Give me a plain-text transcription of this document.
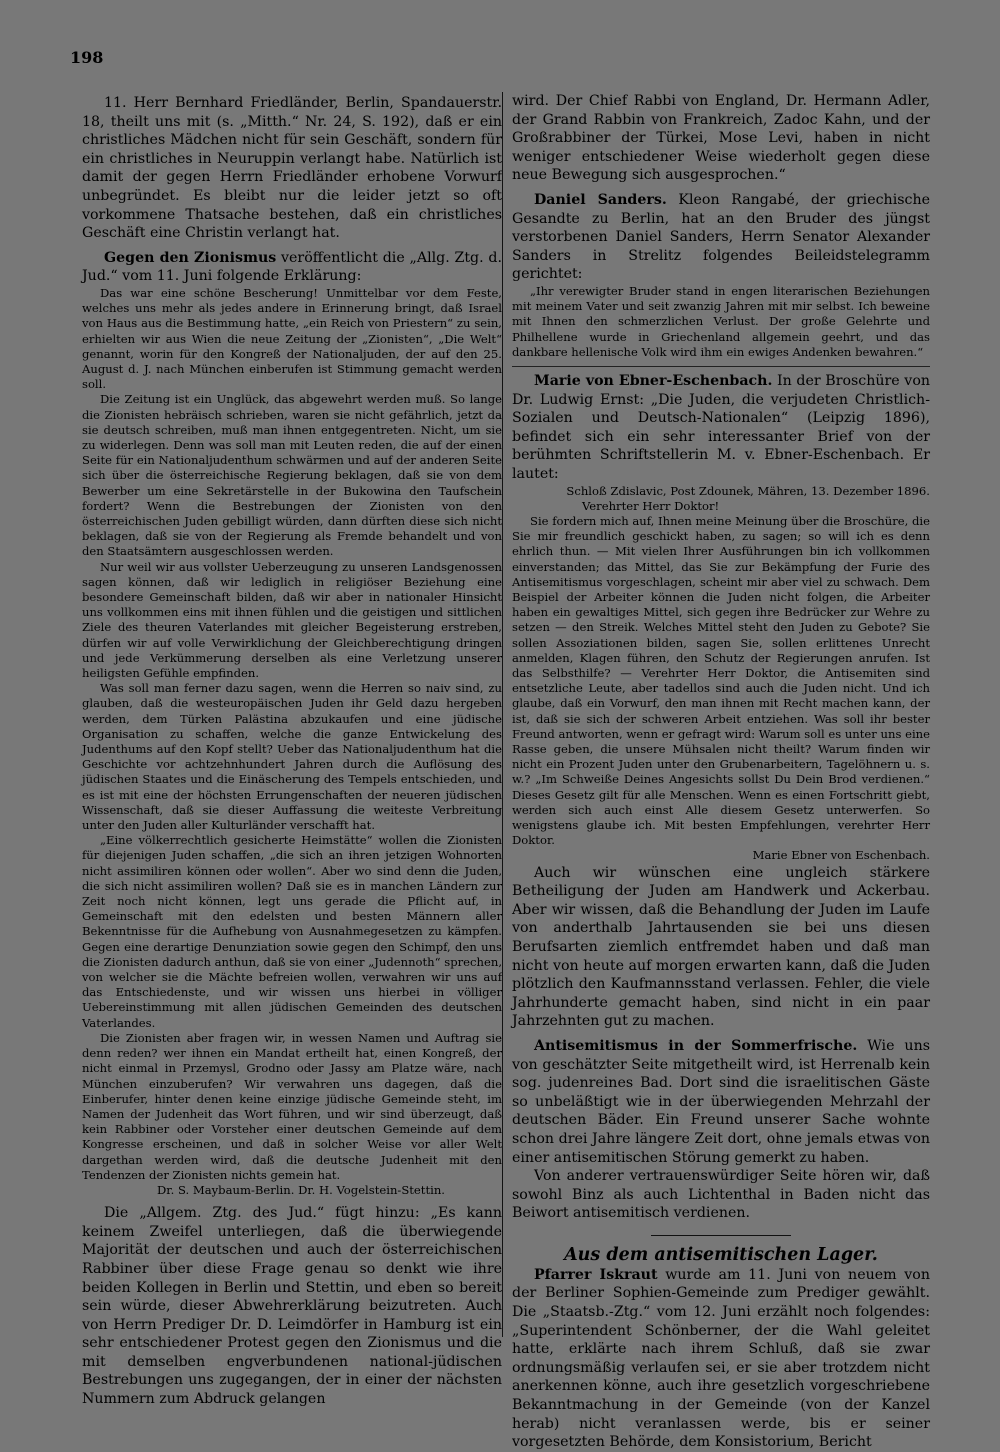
198

11. Herr Bernhard Friedländer, Berlin, Spandauerstr. 18, theilt uns mit (s. „Mitth.“ Nr. 24, S. 192), daß er ein christliches Mädchen nicht für sein Geschäft, sondern für ein christliches in Neuruppin verlangt habe. Natürlich ist damit der gegen Herrn Friedländer erhobene Vorwurf unbegründet. Es bleibt nur die leider jetzt so oft vorkommene Thatsache bestehen, daß ein christliches Geschäft eine Christin verlangt hat.

Gegen den Zionismus veröffentlicht die „Allg. Ztg. d. Jud.“ vom 11. Juni folgende Erklärung:

Das war eine schöne Bescherung! Unmittelbar vor dem Feste, welches uns mehr als jedes andere in Erinnerung bringt, daß Israel von Haus aus die Bestimmung hatte, „ein Reich von Priestern“ zu sein, erhielten wir aus Wien die neue Zeitung der „Zionisten“, „Die Welt“ genannt, worin für den Kongreß der Nationaljuden, der auf den 25. August d. J. nach München einberufen ist Stimmung gemacht werden soll.

Die Zeitung ist ein Unglück, das abgewehrt werden muß. So lange die Zionisten hebräisch schrieben, waren sie nicht gefährlich, jetzt da sie deutsch schreiben, muß man ihnen entgegentreten. Nicht, um sie zu widerlegen. Denn was soll man mit Leuten reden, die auf der einen Seite für ein Nationaljudenthum schwärmen und auf der anderen Seite sich über die österreichische Regierung beklagen, daß sie von dem Bewerber um eine Sekretärstelle in der Bukowina den Taufschein fordert? Wenn die Bestrebungen der Zionisten von den österreichischen Juden gebilligt würden, dann dürften diese sich nicht beklagen, daß sie von der Regierung als Fremde behandelt und von den Staatsämtern ausgeschlossen werden.

Nur weil wir aus vollster Ueberzeugung zu unseren Landsgenossen sagen können, daß wir lediglich in religiöser Beziehung eine besondere Gemeinschaft bilden, daß wir aber in nationaler Hinsicht uns vollkommen eins mit ihnen fühlen und die geistigen und sittlichen Ziele des theuren Vaterlandes mit gleicher Begeisterung erstreben, dürfen wir auf volle Verwirklichung der Gleichberechtigung dringen und jede Verkümmerung derselben als eine Verletzung unserer heiligsten Gefühle empfinden.

Was soll man ferner dazu sagen, wenn die Herren so naiv sind, zu glauben, daß die westeuropäischen Juden ihr Geld dazu hergeben werden, dem Türken Palästina abzukaufen und eine jüdische Organisation zu schaffen, welche die ganze Entwickelung des Judenthums auf den Kopf stellt? Ueber das Nationaljudenthum hat die Geschichte vor achtzehnhundert Jahren durch die Auflösung des jüdischen Staates und die Einäscherung des Tempels entschieden, und es ist mit eine der höchsten Errungenschaften der neueren jüdischen Wissenschaft, daß sie dieser Auffassung die weiteste Verbreitung unter den Juden aller Kulturländer verschafft hat.

„Eine völkerrechtlich gesicherte Heimstätte“ wollen die Zionisten für diejenigen Juden schaffen, „die sich an ihren jetzigen Wohnorten nicht assimiliren können oder wollen“. Aber wo sind denn die Juden, die sich nicht assimiliren wollen? Daß sie es in manchen Ländern zur Zeit noch nicht können, legt uns gerade die Pflicht auf, in Gemeinschaft mit den edelsten und besten Männern aller Bekenntnisse für die Aufhebung von Ausnahmegesetzen zu kämpfen. Gegen eine derartige Denunziation sowie gegen den Schimpf, den uns die Zionisten dadurch anthun, daß sie von einer „Judennoth“ sprechen, von welcher sie die Mächte befreien wollen, verwahren wir uns auf das Entschiedenste, und wir wissen uns hierbei in völliger Uebereinstimmung mit allen jüdischen Gemeinden des deutschen Vaterlandes.

Die Zionisten aber fragen wir, in wessen Namen und Auftrag sie denn reden? wer ihnen ein Mandat ertheilt hat, einen Kongreß, der nicht einmal in Przemysl, Grodno oder Jassy am Platze wäre, nach München einzuberufen? Wir verwahren uns dagegen, daß die Einberufer, hinter denen keine einzige jüdische Gemeinde steht, im Namen der Judenheit das Wort führen, und wir sind überzeugt, daß kein Rabbiner oder Vorsteher einer deutschen Gemeinde auf dem Kongresse erscheinen, und daß in solcher Weise vor aller Welt dargethan werden wird, daß die deutsche Judenheit mit den Tendenzen der Zionisten nichts gemein hat.

Dr. S. Maybaum-Berlin. Dr. H. Vogelstein-Stettin.

Die „Allgem. Ztg. des Jud.“ fügt hinzu: „Es kann keinem Zweifel unterliegen, daß die überwiegende Majorität der deutschen und auch der österreichischen Rabbiner über diese Frage genau so denkt wie ihre beiden Kollegen in Berlin und Stettin, und eben so bereit sein würde, dieser Abwehrerklärung beizutreten. Auch von Herrn Prediger Dr. D. Leimdörfer in Hamburg ist ein sehr entschiedener Protest gegen den Zionismus und die mit demselben engverbundenen national-jüdischen Bestrebungen uns zugegangen, der in einer der nächsten Nummern zum Abdruck gelangen

wird. Der Chief Rabbi von England, Dr. Hermann Adler, der Grand Rabbin von Frankreich, Zadoc Kahn, und der Großrabbiner der Türkei, Mose Levi, haben in nicht weniger entschiedener Weise wiederholt gegen diese neue Bewegung sich ausgesprochen.“

Daniel Sanders. Kleon Rangabé, der griechische Gesandte zu Berlin, hat an den Bruder des jüngst verstorbenen Daniel Sanders, Herrn Senator Alexander Sanders in Strelitz folgendes Beileidstelegramm gerichtet:

„Ihr verewigter Bruder stand in engen literarischen Beziehungen mit meinem Vater und seit zwanzig Jahren mit mir selbst. Ich beweine mit Ihnen den schmerzlichen Verlust. Der große Gelehrte und Philhellene wurde in Griechenland allgemein geehrt, und das dankbare hellenische Volk wird ihm ein ewiges Andenken bewahren.“

Marie von Ebner-Eschenbach. In der Broschüre von Dr. Ludwig Ernst: „Die Juden, die verjudeten Christlich-Sozialen und Deutsch-Nationalen“ (Leipzig 1896), befindet sich ein sehr interessanter Brief von der berühmten Schriftstellerin M. v. Ebner-Eschenbach. Er lautet:

Schloß Zdislavic, Post Zdounek, Mähren, 13. Dezember 1896.

Verehrter Herr Doktor!

Sie fordern mich auf, Ihnen meine Meinung über die Broschüre, die Sie mir freundlich geschickt haben, zu sagen; so will ich es denn ehrlich thun. — Mit vielen Ihrer Ausführungen bin ich vollkommen einverstanden; das Mittel, das Sie zur Bekämpfung der Furie des Antisemitismus vorgeschlagen, scheint mir aber viel zu schwach. Dem Beispiel der Arbeiter können die Juden nicht folgen, die Arbeiter haben ein gewaltiges Mittel, sich gegen ihre Bedrücker zur Wehre zu setzen — den Streik. Welches Mittel steht den Juden zu Gebote? Sie sollen Assoziationen bilden, sagen Sie, sollen erlittenes Unrecht anmelden, Klagen führen, den Schutz der Regierungen anrufen. Ist das Selbsthilfe? — Verehrter Herr Doktor, die Antisemiten sind entsetzliche Leute, aber tadellos sind auch die Juden nicht. Und ich glaube, daß ein Vorwurf, den man ihnen mit Recht machen kann, der ist, daß sie sich der schweren Arbeit entziehen. Was soll ihr bester Freund antworten, wenn er gefragt wird: Warum soll es unter uns eine Rasse geben, die unsere Mühsalen nicht theilt? Warum finden wir nicht ein Prozent Juden unter den Grubenarbeitern, Tagelöhnern u. s. w.? „Im Schweiße Deines Angesichts sollst Du Dein Brod verdienen.“ Dieses Gesetz gilt für alle Menschen. Wenn es einen Fortschritt giebt, werden sich auch einst Alle diesem Gesetz unterwerfen. So wenigstens glaube ich. Mit besten Empfehlungen, verehrter Herr Doktor.

Marie Ebner von Eschenbach.

Auch wir wünschen eine ungleich stärkere Betheiligung der Juden am Handwerk und Ackerbau. Aber wir wissen, daß die Behandlung der Juden im Laufe von anderthalb Jahrtausenden sie bei uns diesen Berufsarten ziemlich entfremdet haben und daß man nicht von heute auf morgen erwarten kann, daß die Juden plötzlich den Kaufmannsstand verlassen. Fehler, die viele Jahrhunderte gemacht haben, sind nicht in ein paar Jahrzehnten gut zu machen.

Antisemitismus in der Sommerfrische. Wie uns von geschätzter Seite mitgetheilt wird, ist Herrenalb kein sog. judenreines Bad. Dort sind die israelitischen Gäste so unbeläßtigt wie in der überwiegenden Mehrzahl der deutschen Bäder. Ein Freund unserer Sache wohnte schon drei Jahre längere Zeit dort, ohne jemals etwas von einer antisemitischen Störung gemerkt zu haben.

Von anderer vertrauenswürdiger Seite hören wir, daß sowohl Binz als auch Lichtenthal in Baden nicht das Beiwort antisemitisch verdienen.

Aus dem antisemitischen Lager.

Pfarrer Iskraut wurde am 11. Juni von neuem von der Berliner Sophien-Gemeinde zum Prediger gewählt. Die „Staatsb.-Ztg.“ vom 12. Juni erzählt noch folgendes: „Superintendent Schönberner, der die Wahl geleitet hatte, erklärte nach ihrem Schluß, daß sie zwar ordnungsmäßig verlaufen sei, er sie aber trotzdem nicht anerkennen könne, auch ihre gesetzlich vorgeschriebene Bekanntmachung in der Gemeinde (von der Kanzel herab) nicht veranlassen werde, bis er seiner vorgesetzten Behörde, dem Konsistorium, Bericht
